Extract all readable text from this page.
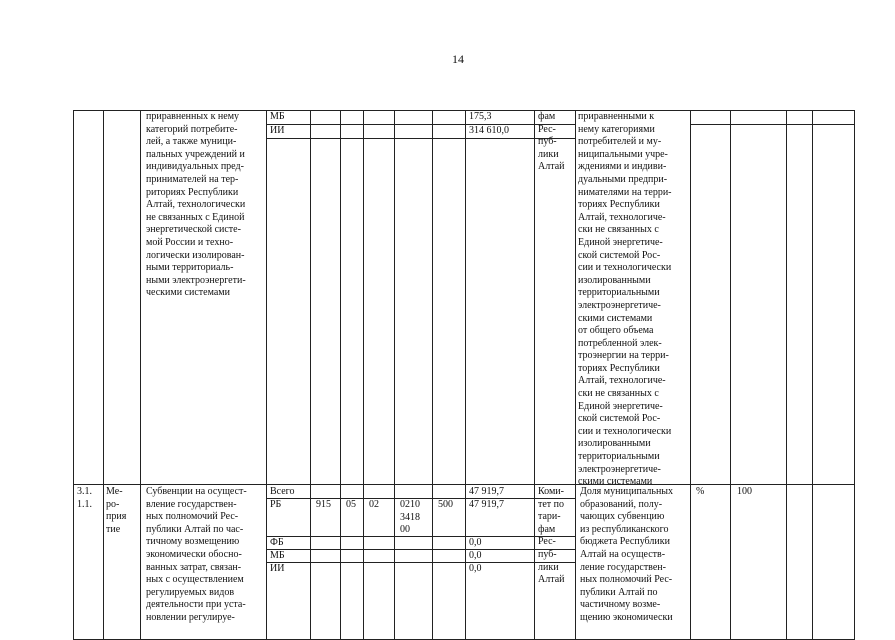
14
приравненных к нему
категорий потребите-
лей, а также муници-
пальных учреждений и
индивидуальных пред-
принимателей на тер-
риториях Республики
Алтай, технологически
не связанных с Единой
энергетической систе-
мой России и техно-
логически изолирован-
ными территориаль-
ными электроэнергети-
ческими системами
МБ
ИИ
175,3
314 610,0
фам
Рес-
пуб-
лики
Алтай
приравненными к
нему категориями
потребителей и му-
ниципальными учре-
ждениями и индиви-
дуальными предпри-
нимателями на терри-
ториях Республики
Алтай, технологиче-
ски не связанных с
Единой энергетиче-
ской системой Рос-
сии и технологически
изолированными
территориальными
электроэнергетиче-
скими системами
от общего объема
потребленной элек-
троэнергии на терри-
ториях Республики
Алтай, технологиче-
ски не связанных с
Единой энергетиче-
ской системой Рос-
сии и технологически
изолированными
территориальными
электроэнергетиче-
скими системами
3.1.
1.1.
Ме-
ро-
прия
тие
Субвенции на осущест-
вление государствен-
ных полномочий Рес-
публики Алтай по час-
тичному возмещению
экономически обосно-
ванных затрат, связан-
ных с осуществлением
регулируемых видов
деятельности при уста-
новлении регулируе-
Всего
РБ
ФБ
МБ
ИИ
915 05 02 0210
3418
00
500
47 919,7
47 919,7
0,0
0,0
0,0
Коми-
тет по
тари-
фам
Рес-
пуб-
лики
Алтай
Доля муниципальных
образований, полу-
чающих субвенцию
из республиканского
бюджета Республики
Алтай на осуществ-
ление государствен-
ных полномочий Рес-
публики Алтай по
частичному возме-
щению экономически
%	100
